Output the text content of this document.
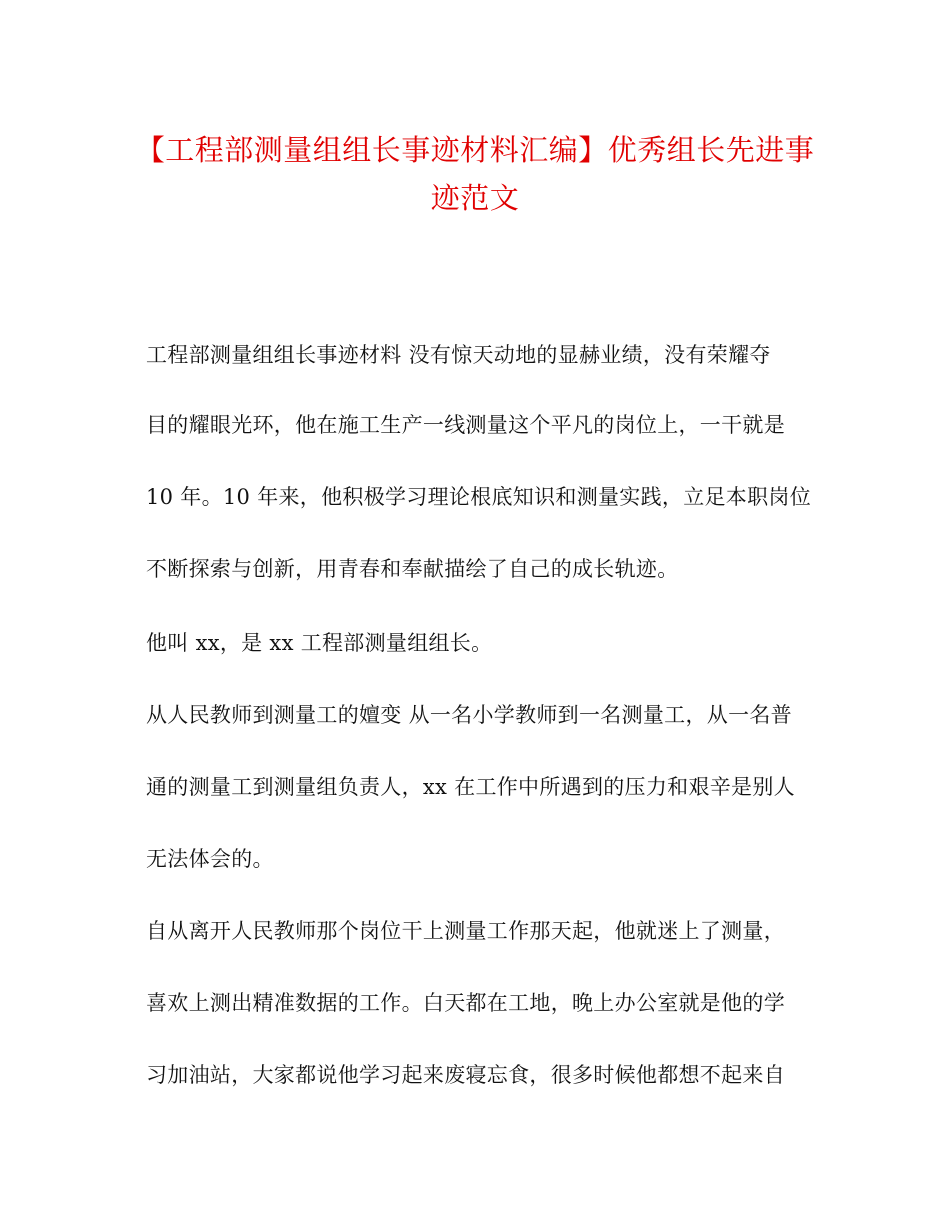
【工程部测量组组长事迹材料汇编】优秀组长先进事
迹范文
工程部测量组组长事迹材料 没有惊天动地的显赫业绩，没有荣耀夺
目的耀眼光环，他在施工生产一线测量这个平凡的岗位上，一干就是
10 年。10 年来，他积极学习理论根底知识和测量实践，立足本职岗位
不断探索与创新，用青春和奉献描绘了自己的成长轨迹。
他叫 xx，是 xx 工程部测量组组长。
从人民教师到测量工的嬗变 从一名小学教师到一名测量工，从一名普
通的测量工到测量组负责人，xx 在工作中所遇到的压力和艰辛是别人
无法体会的。
自从离开人民教师那个岗位干上测量工作那天起，他就迷上了测量，
喜欢上测出精准数据的工作。白天都在工地，晚上办公室就是他的学
习加油站，大家都说他学习起来废寝忘食，很多时候他都想不起来自
